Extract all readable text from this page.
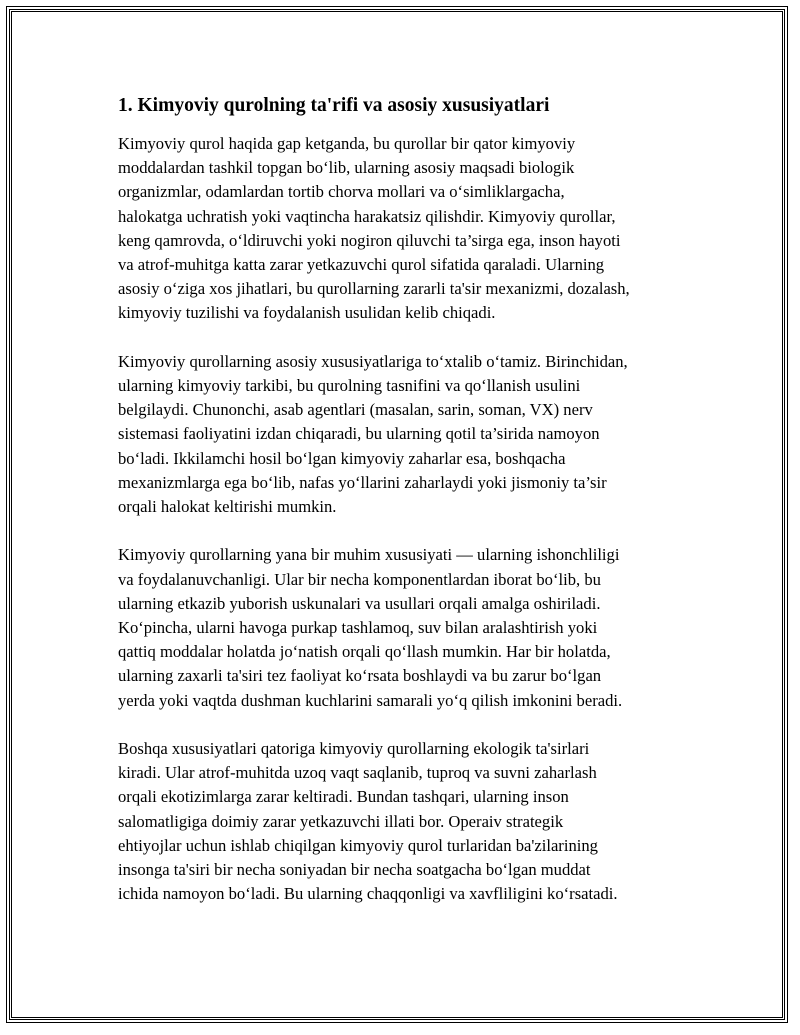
1. Kimyoviy qurolning ta'rifi va asosiy xususiyatlari

Kimyoviy qurol haqida gap ketganda, bu qurollar bir qator kimyoviy
moddalardan tashkil topgan bo‘lib, ularning asosiy maqsadi biologik
organizmlar, odamlardan tortib chorva mollari va o‘simliklargacha,
halokatga uchratish yoki vaqtincha harakatsiz qilishdir. Kimyoviy qurollar,
keng qamrovda, o‘ldiruvchi yoki nogiron qiluvchi ta’sirga ega, inson hayoti
va atrof-muhitga katta zarar yetkazuvchi qurol sifatida qaraladi. Ularning
asosiy o‘ziga xos jihatlari, bu qurollarning zararli ta'sir mexanizmi, dozalash,
kimyoviy tuzilishi va foydalanish usulidan kelib chiqadi.

Kimyoviy qurollarning asosiy xususiyatlariga to‘xtalib o‘tamiz. Birinchidan,
ularning kimyoviy tarkibi, bu qurolning tasnifini va qo‘llanish usulini
belgilaydi. Chunonchi, asab agentlari (masalan, sarin, soman, VX) nerv
sistemasi faoliyatini izdan chiqaradi, bu ularning qotil ta’sirida namoyon
bo‘ladi. Ikkilamchi hosil bo‘lgan kimyoviy zaharlar esa, boshqacha
mexanizmlarga ega bo‘lib, nafas yo‘llarini zaharlaydi yoki jismoniy ta’sir
orqali halokat keltirishi mumkin.

Kimyoviy qurollarning yana bir muhim xususiyati — ularning ishonchliligi
va foydalanuvchanligi. Ular bir necha komponentlardan iborat bo‘lib, bu
ularning etkazib yuborish uskunalari va usullari orqali amalga oshiriladi.
Ko‘pincha, ularni havoga purkap tashlamoq, suv bilan aralashtirish yoki
qattiq moddalar holatda jo‘natish orqali qo‘llash mumkin. Har bir holatda,
ularning zaxarli ta'siri tez faoliyat ko‘rsata boshlaydi va bu zarur bo‘lgan
yerda yoki vaqtda dushman kuchlarini samarali yo‘q qilish imkonini beradi.

Boshqa xususiyatlari qatoriga kimyoviy qurollarning ekologik ta'sirlari
kiradi. Ular atrof-muhitda uzoq vaqt saqlanib, tuproq va suvni zaharlash
orqali ekotizimlarga zarar keltiradi. Bundan tashqari, ularning inson
salomatligiga doimiy zarar yetkazuvchi illati bor. Operaiv strategik
ehtiyojlar uchun ishlab chiqilgan kimyoviy qurol turlaridan ba'zilarining
insonga ta'siri bir necha soniyadan bir necha soatgacha bo‘lgan muddat
ichida namoyon bo‘ladi. Bu ularning chaqqonligi va xavfliligini ko‘rsatadi.
